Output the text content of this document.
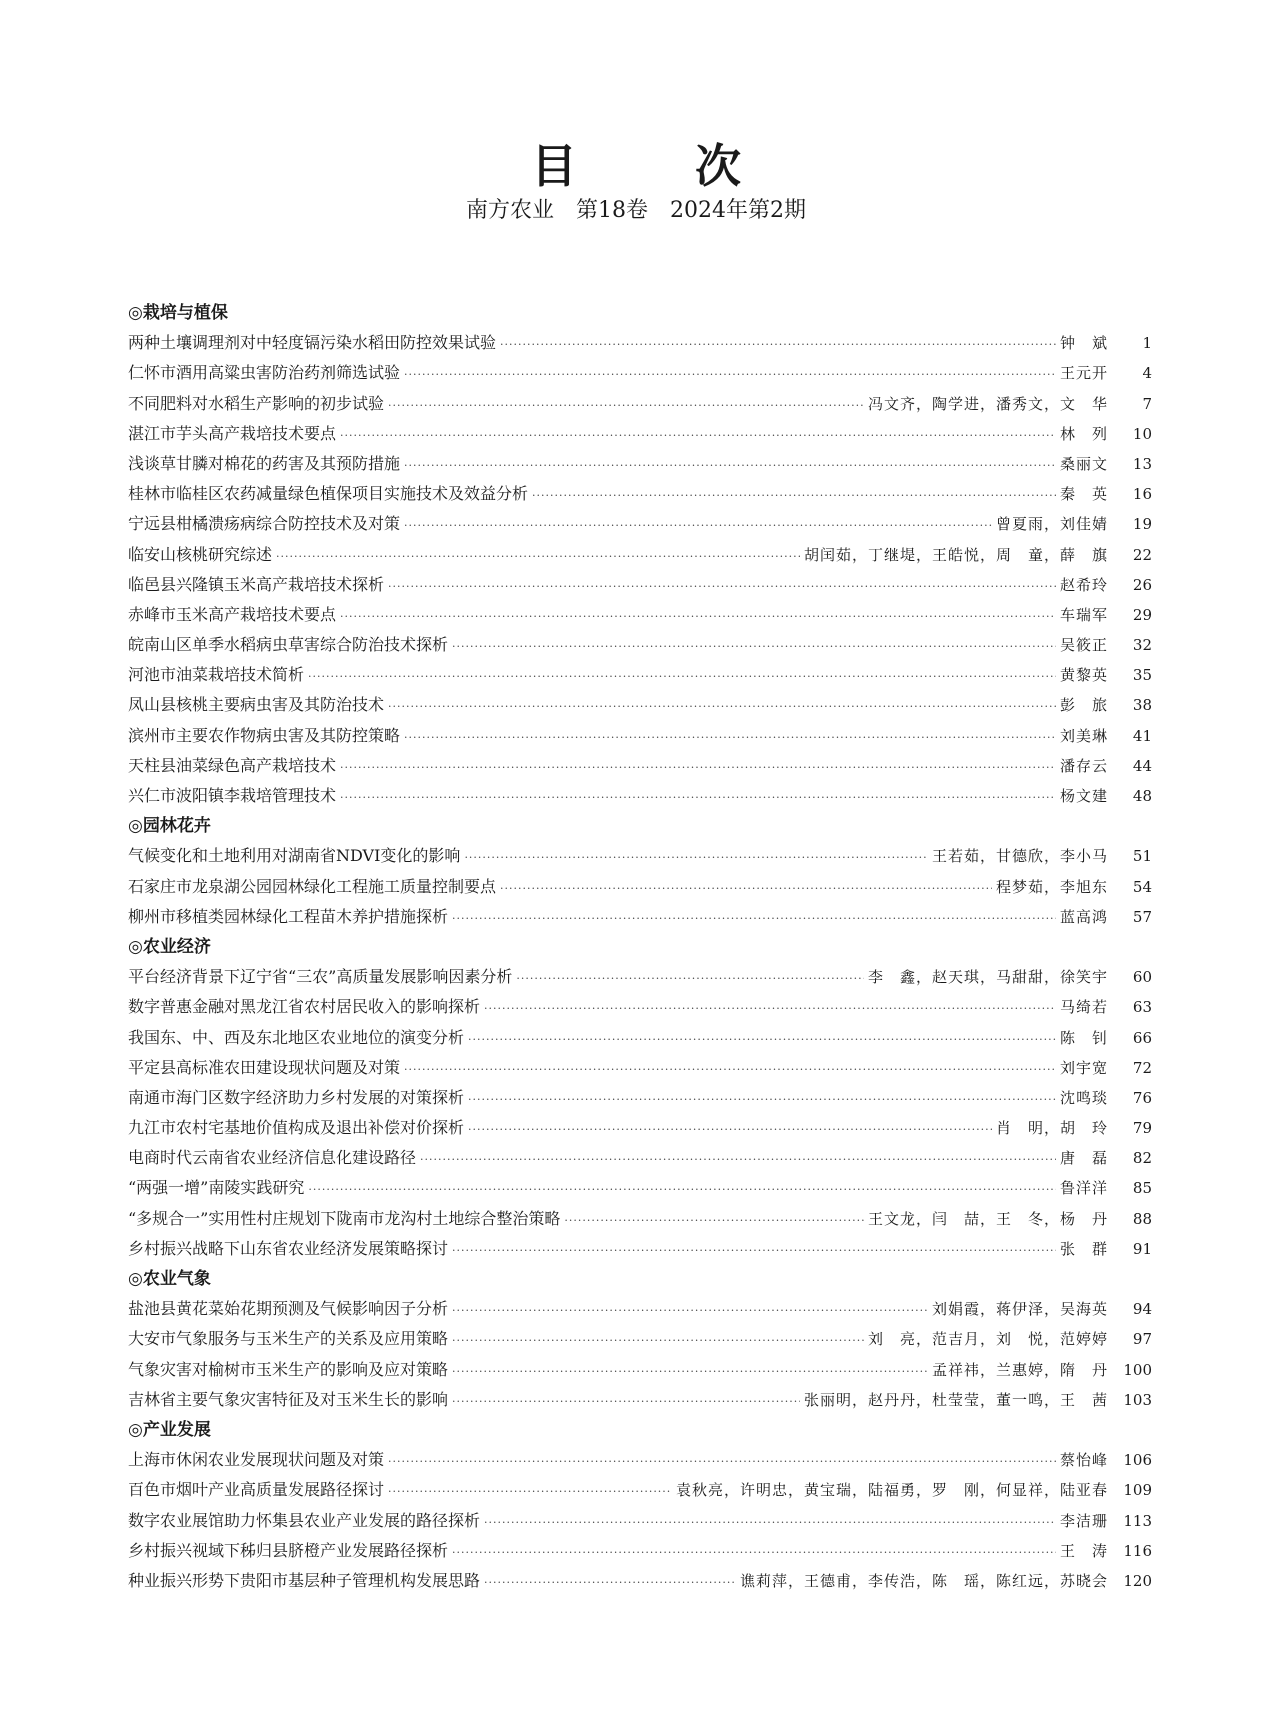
目　次
南方农业　第18卷　2024年第2期
◎栽培与植保
两种土壤调理剂对中轻度镉污染水稻田防控效果试验 ·····	钟　斌	1
仁怀市酒用高粱虫害防治药剂筛选试验 ·····	王元开	4
不同肥料对水稻生产影响的初步试验 ·····	冯文齐，陶学进，潘秀文，文　华	7
湛江市芋头高产栽培技术要点 ·····	林　列	10
浅谈草甘膦对棉花的药害及其预防措施 ·····	桑丽文	13
桂林市临桂区农药减量绿色植保项目实施技术及效益分析 ·····	秦　英	16
宁远县柑橘溃疡病综合防控技术及对策 ·····	曾夏雨，刘佳婧	19
临安山核桃研究综述 ·····	胡闰茹，丁继堤，王皓悦，周　童，薛　旗	22
临邑县兴隆镇玉米高产栽培技术探析 ·····	赵希玲	26
赤峰市玉米高产栽培技术要点 ·····	车瑞军	29
皖南山区单季水稻病虫草害综合防治技术探析 ·····	吴筱正	32
河池市油菜栽培技术简析 ·····	黄黎英	35
凤山县核桃主要病虫害及其防治技术 ·····	彭　旅	38
滨州市主要农作物病虫害及其防控策略 ·····	刘美琳	41
天柱县油菜绿色高产栽培技术 ·····	潘存云	44
兴仁市波阳镇李栽培管理技术 ·····	杨文建	48
◎园林花卉
气候变化和土地利用对湖南省NDVI变化的影响 ·····	王若茹，甘德欣，李小马	51
石家庄市龙泉湖公园园林绿化工程施工质量控制要点 ·····	程梦茹，李旭东	54
柳州市移植类园林绿化工程苗木养护措施探析 ·····	蓝高鸿	57
◎农业经济
平台经济背景下辽宁省“三农”高质量发展影响因素分析 ·····	李　鑫，赵天琪，马甜甜，徐笑宇	60
数字普惠金融对黑龙江省农村居民收入的影响探析 ·····	马绮若	63
我国东、中、西及东北地区农业地位的演变分析 ·····	陈　钊	66
平定县高标准农田建设现状问题及对策 ·····	刘宇宽	72
南通市海门区数字经济助力乡村发展的对策探析 ·····	沈鸣琰	76
九江市农村宅基地价值构成及退出补偿对价探析 ·····	肖　明，胡　玲	79
电商时代云南省农业经济信息化建设路径 ·····	唐　磊	82
“两强一增”南陵实践研究 ·····	鲁洋洋	85
“多规合一”实用性村庄规划下陇南市龙沟村土地综合整治策略 ·····	王文龙，闫　喆，王　冬，杨　丹	88
乡村振兴战略下山东省农业经济发展策略探讨 ·····	张　群	91
◎农业气象
盐池县黄花菜始花期预测及气候影响因子分析 ·····	刘娟霞，蒋伊泽，吴海英	94
大安市气象服务与玉米生产的关系及应用策略 ·····	刘　亮，范吉月，刘　悦，范婷婷	97
气象灾害对榆树市玉米生产的影响及应对策略 ·····	孟祥祎，兰惠婷，隋　丹	100
吉林省主要气象灾害特征及对玉米生长的影响 ·····	张丽明，赵丹丹，杜莹莹，董一鸣，王　茜	103
◎产业发展
上海市休闲农业发展现状问题及对策 ·····	蔡怡峰	106
百色市烟叶产业高质量发展路径探讨 ·····	袁秋亮，许明忠，黄宝瑞，陆福勇，罗　刚，何显祥，陆亚春	109
数字农业展馆助力怀集县农业产业发展的路径探析 ·····	李洁珊	113
乡村振兴视域下秭归县脐橙产业发展路径探析 ·····	王　涛	116
种业振兴形势下贵阳市基层种子管理机构发展思路 ·····	谯莉萍，王德甫，李传浩，陈　瑶，陈红远，苏晓会	120
